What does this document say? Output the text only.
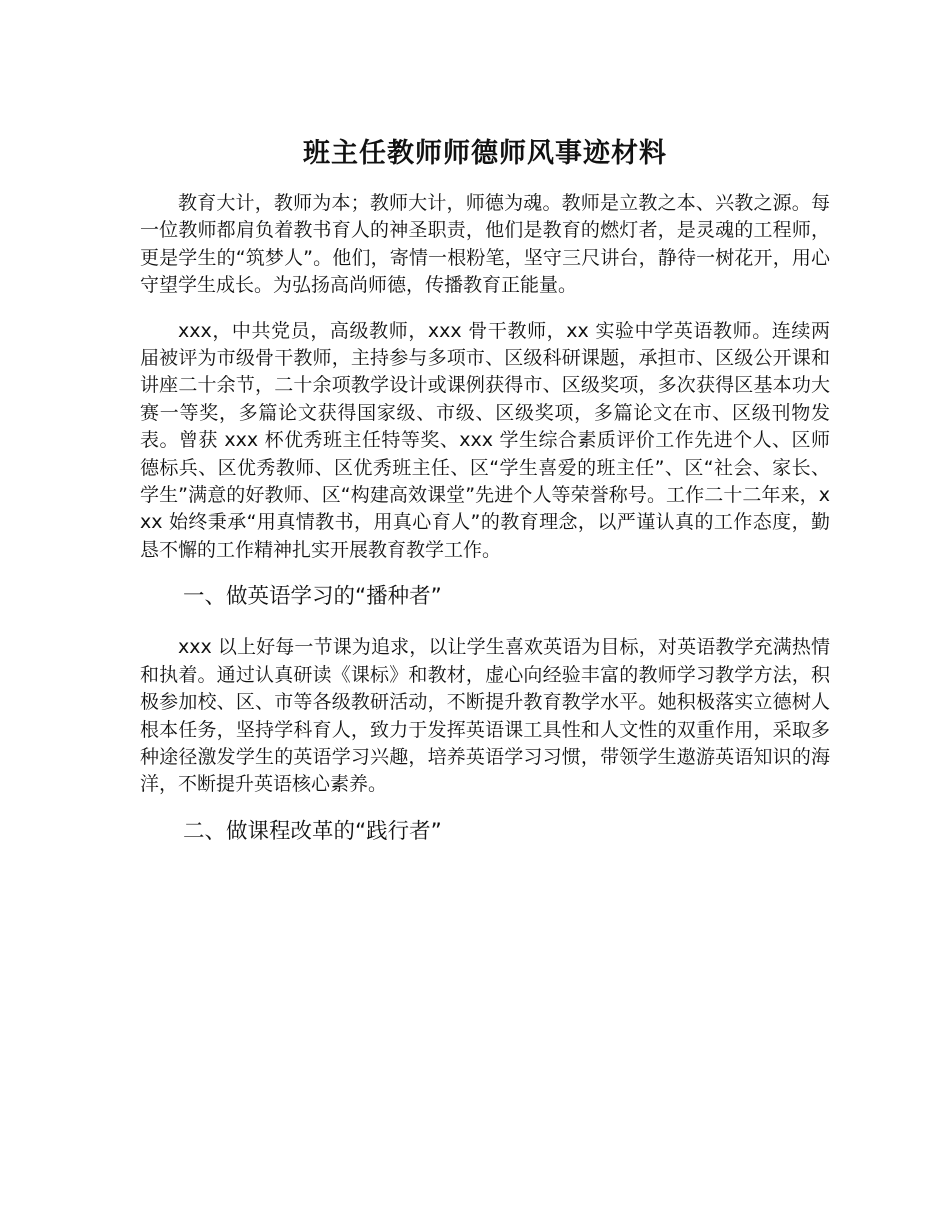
班主任教师师德师风事迹材料

教育大计，教师为本；教师大计，师德为魂。教师是立教之本、兴教之源。每一位教师都肩负着教书育人的神圣职责，他们是教育的燃灯者，是灵魂的工程师，更是学生的“筑梦人”。他们，寄情一根粉笔，坚守三尺讲台，静待一树花开，用心守望学生成长。为弘扬高尚师德，传播教育正能量。

xxx，中共党员，高级教师，xxx 骨干教师，xx 实验中学英语教师。连续两届被评为市级骨干教师，主持参与多项市、区级科研课题，承担市、区级公开课和讲座二十余节，二十余项教学设计或课例获得市、区级奖项，多次获得区基本功大赛一等奖，多篇论文获得国家级、市级、区级奖项，多篇论文在市、区级刊物发表。曾获 xxx 杯优秀班主任特等奖、xxx 学生综合素质评价工作先进个人、区师德标兵、区优秀教师、区优秀班主任、区“学生喜爱的班主任”、区“社会、家长、学生”满意的好教师、区“构建高效课堂”先进个人等荣誉称号。工作二十二年来，xxx 始终秉承“用真情教书，用真心育人”的教育理念，以严谨认真的工作态度，勤恳不懈的工作精神扎实开展教育教学工作。

一、做英语学习的“播种者”

xxx 以上好每一节课为追求，以让学生喜欢英语为目标，对英语教学充满热情和执着。通过认真研读《课标》和教材，虚心向经验丰富的教师学习教学方法，积极参加校、区、市等各级教研活动，不断提升教育教学水平。她积极落实立德树人根本任务，坚持学科育人，致力于发挥英语课工具性和人文性的双重作用，采取多种途径激发学生的英语学习兴趣，培养英语学习习惯，带领学生遨游英语知识的海洋，不断提升英语核心素养。

二、做课程改革的“践行者”
